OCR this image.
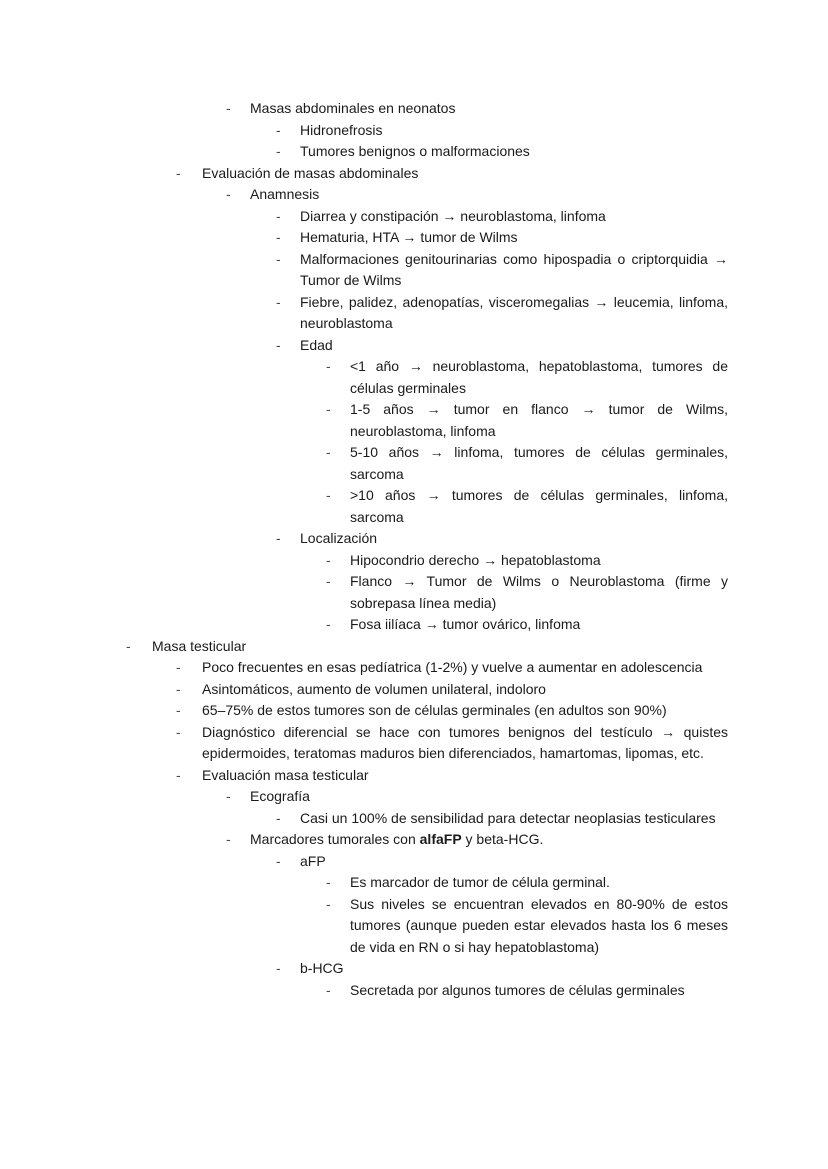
-	Masas abdominales en neonatos
-	Hidronefrosis
-	Tumores benignos o malformaciones
-	Evaluación de masas abdominales
-	Anamnesis
-	Diarrea y constipación → neuroblastoma, linfoma
-	Hematuria, HTA → tumor de Wilms
-	Malformaciones genitourinarias como hipospadia o criptorquidia → Tumor de Wilms
-	Fiebre, palidez, adenopatías, visceromegalias → leucemia, linfoma, neuroblastoma
-	Edad
-	<1 año → neuroblastoma, hepatoblastoma, tumores de células germinales
-	1-5 años → tumor en flanco → tumor de Wilms, neuroblastoma, linfoma
-	5-10 años → linfoma, tumores de células germinales, sarcoma
-	>10 años → tumores de células germinales, linfoma, sarcoma
-	Localización
-	Hipocondrio derecho → hepatoblastoma
-	Flanco → Tumor de Wilms o Neuroblastoma (firme y sobrepasa línea media)
-	Fosa iilíaca → tumor ovárico, linfoma
-	Masa testicular
-	Poco frecuentes en esas pedíatrica (1-2%) y vuelve a aumentar en adolescencia
-	Asintomáticos, aumento de volumen unilateral, indoloro
-	65–75% de estos tumores son de células germinales (en adultos son 90%)
-	Diagnóstico diferencial se hace con tumores benignos del testículo → quistes epidermoides, teratomas maduros bien diferenciados, hamartomas, lipomas, etc.
-	Evaluación masa testicular
-	Ecografía
-	Casi un 100% de sensibilidad para detectar neoplasias testiculares
-	Marcadores tumorales con alfaFP y beta-HCG.
-	aFP
-	Es marcador de tumor de célula germinal.
-	Sus niveles se encuentran elevados en 80-90% de estos tumores (aunque pueden estar elevados hasta los 6 meses de vida en RN o si hay hepatoblastoma)
-	b-HCG
-	Secretada por algunos tumores de células germinales
